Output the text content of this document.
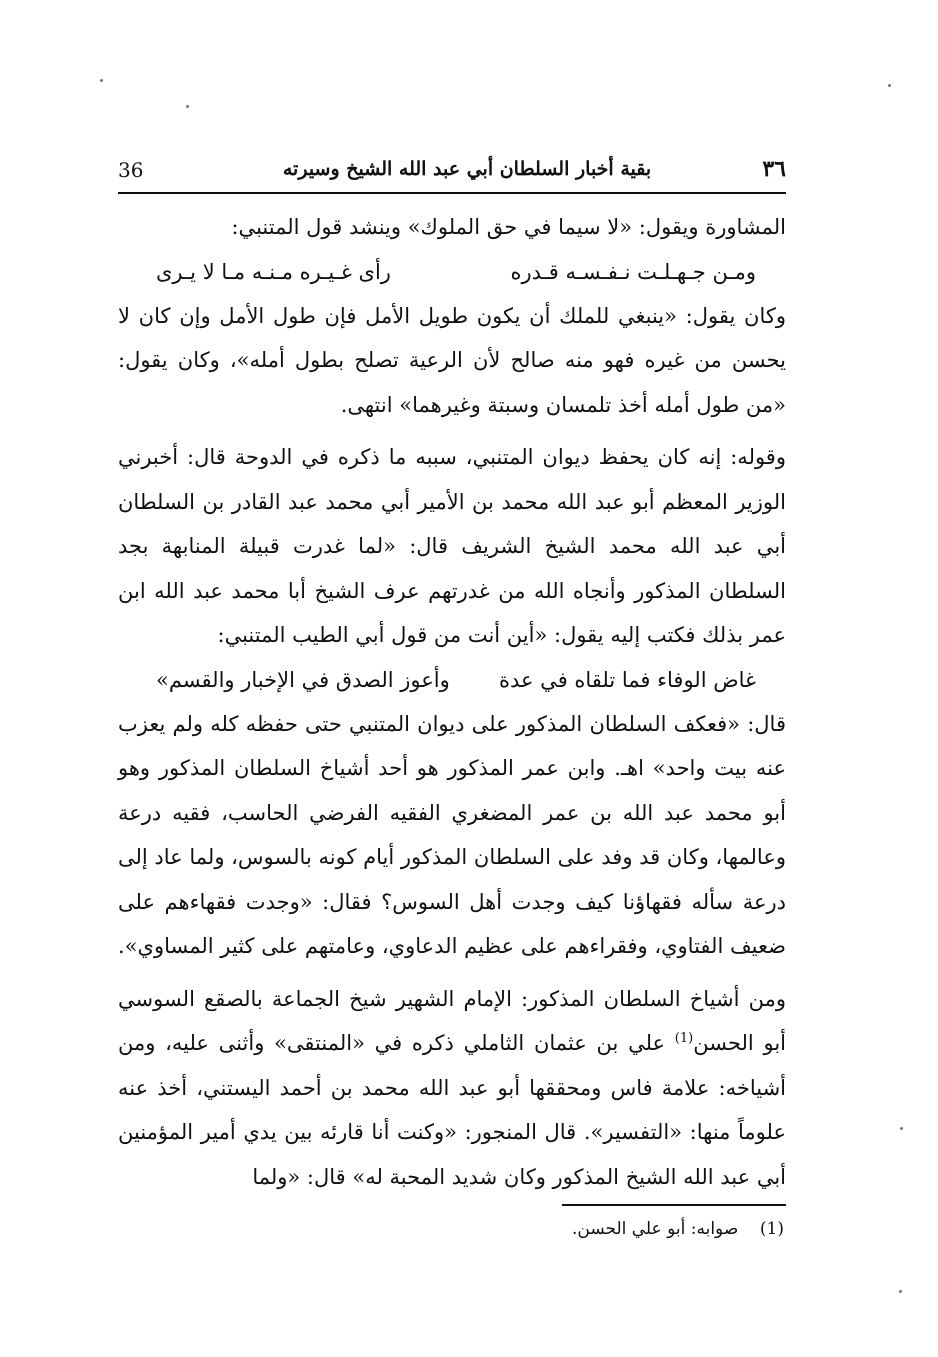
36	بقية أخبار السلطان أبي عبد الله الشيخ وسيرته	٣٦

المشاورة ويقول: «لا سيما في حق الملوك» وينشد قول المتنبي:

ومـن جـهـلـت نـفـسـه قـدره
رأى غـيـره مـنـه مـا لا يـرى

وكان يقول: «ينبغي للملك أن يكون طويل الأمل فإن طول الأمل وإن كان لا يحسن من غيره فهو منه صالح لأن الرعية تصلح بطول أمله»، وكان يقول: «من طول أمله أخذ تلمسان وسبتة وغيرهما» انتهى.

وقوله: إنه كان يحفظ ديوان المتنبي، سببه ما ذكره في الدوحة قال: أخبرني الوزير المعظم أبو عبد الله محمد بن الأمير أبي محمد عبد القادر بن السلطان أبي عبد الله محمد الشيخ الشريف قال: «لما غدرت قبيلة المنابهة بجد السلطان المذكور وأنجاه الله من غدرتهم عرف الشيخ أبا محمد عبد الله ابن عمر بذلك فكتب إليه يقول: «أين أنت من قول أبي الطيب المتنبي:

غاض الوفاء فما تلقاه في عدة
وأعوز الصدق في الإخبار والقسم»

قال: «فعكف السلطان المذكور على ديوان المتنبي حتى حفظه كله ولم يعزب عنه بيت واحد» اهـ. وابن عمر المذكور هو أحد أشياخ السلطان المذكور وهو أبو محمد عبد الله بن عمر المضغري الفقيه الفرضي الحاسب، فقيه درعة وعالمها، وكان قد وفد على السلطان المذكور أيام كونه بالسوس، ولما عاد إلى درعة سأله فقهاؤنا كيف وجدت أهل السوس؟ فقال: «وجدت فقهاءهم على ضعيف الفتاوي، وفقراءهم على عظيم الدعاوي، وعامتهم على كثير المساوي».

ومن أشياخ السلطان المذكور: الإمام الشهير شيخ الجماعة بالصقع السوسي أبو الحسن$^{(1)}$ علي بن عثمان الثاملي ذكره في «المنتقى» وأثنى عليه، ومن أشياخه: علامة فاس ومحققها أبو عبد الله محمد بن أحمد اليستني، أخذ عنه علوماً منها: «التفسير». قال المنجور: «وكنت أنا قارئه بين يدي أمير المؤمنين أبي عبد الله الشيخ المذكور وكان شديد المحبة له» قال: «ولما

(1)    صوابه: أبو علي الحسن.
